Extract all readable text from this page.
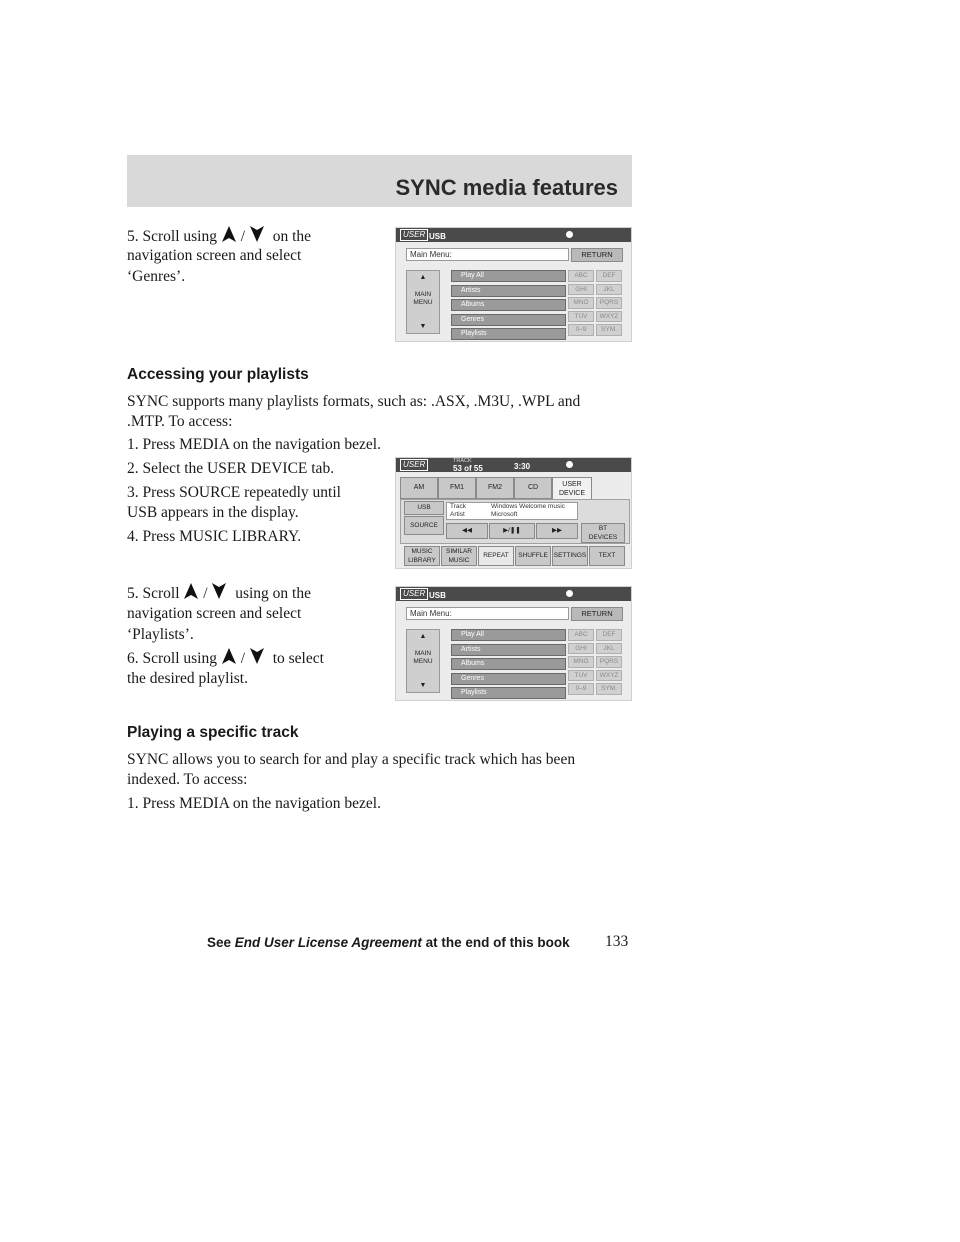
SYNC media features
5. Scroll using / on the
navigation screen and select
‘Genres’.
USER USB
Main Menu:	RETURN
▲
MAIN
MENU
▼
Play All
Artists
Albums
Genres
Playlists
ABC	DEF
GHI	JKL
MNO	PQRS
TUV	WXYZ
0–9	SYM.
Accessing your playlists
SYNC supports many playlists formats, such as: .ASX, .M3U, .WPL and
.MTP. To access:
1. Press MEDIA on the navigation bezel.
2. Select the USER DEVICE tab.
3. Press SOURCE repeatedly until
USB appears in the display.
4. Press MUSIC LIBRARY.
USER	TRACK
53 of 55	3:30
AM	FM1	FM2	CD	USER
DEVICE
USB
SOURCE
Track	Windows Welcome music

Artist	Microsoft
◀◀	▶/❚❚	▶▶	BT
DEVICES
MUSIC
LIBRARY
SIMILAR
MUSIC
REPEAT	SHUFFLE SETTINGS	TEXT
5. Scroll / using on the
navigation screen and select
‘Playlists’.
6. Scroll using / to select
the desired playlist.
USER USB
Main Menu:	RETURN
▲
MAIN
MENU
▼
Play All
Artists
Albums
Genres
Playlists
ABC	DEF
GHI	JKL
MNO	PQRS
TUV	WXYZ
0–9	SYM.
Playing a specific track
SYNC allows you to search for and play a specific track which has been
indexed. To access:
1. Press MEDIA on the navigation bezel.
See End User License Agreement at the end of this book 133
